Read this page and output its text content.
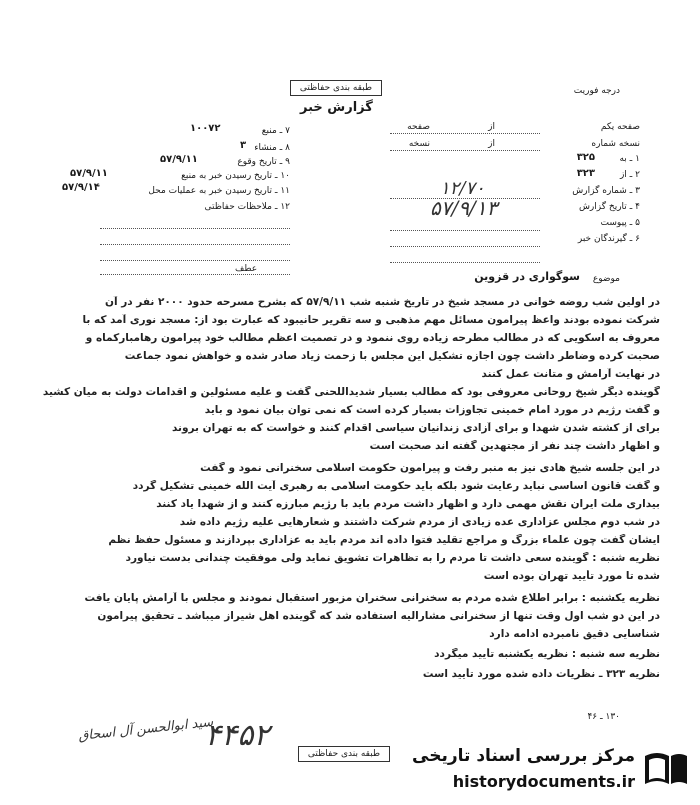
درجه فوریت
طبقه بندی حفاظتی
گزارش خبر
صفحه یکم
از
صفحه
نسخه شماره
از
نسخه
۱ ـ به
۳۲۵
۲ ـ از
۳۲۳
۳ ـ شماره گزارش
۱۲/۷۰
۴ ـ تاریخ گزارش
۵۷/۹/۱۳
۵ ـ پیوست
۶ ـ گیرندگان خبر
۷ ـ منبع
۱۰۰۷۲
۸ ـ منشاء
۳
۹ ـ تاریخ وقوع
۵۷/۹/۱۱
۱۰ ـ تاریخ رسیدن خبر به منبع
۵۷/۹/۱۱
۱۱ ـ تاریخ رسیدن خبر به عملیات محل
۵۷/۹/۱۴
۱۲ ـ ملاحظات حفاظتی
موضوع
سوگواری در قزوین
عطف
در اولین شب روضه خوانی در مسجد شیخ در تاریخ شنبه شب ۵۷/۹/۱۱ که بشرح مسرحه حدود ۲۰۰۰ نفر در آن
شرکت نموده بودند واعظ پیرامون مسائل مهم مذهبی و سه تقریر حانیبود که عبارت بود از: مسجد نوری آمد که با
معروف به اسکویی که در مطالب مطرحه زیاده روی ننمود و در تصمیت اعظم مطالب خود پیرامون رهامبارکماه و
صحبت کرده وضاطر داشت چون اجازه تشکیل این مجلس با زحمت زیاد صادر شده و خواهش نمود جماعت
در نهایت آرامش و متانت عمل کنند
گوینده دیگر شیخ روحانی معروفی بود که مطالب بسیار شدیداللحنی گفت و علیه مسئولین و اقدامات دولت به میان کشید
و گفت رژیم در مورد امام خمینی تجاوزات بسیار کرده است که نمی توان بیان نمود و باید
برای از کشته شدن شهدا و برای آزادی زندانیان سیاسی اقدام کنند و خواست که به تهران بروند
و اظهار داشت چند نفر از مجتهدین گفته اند صحبت است
در این جلسه شیخ هادی نیز به منبر رفت و پیرامون حکومت اسلامی سخنرانی نمود و گفت
و گفت قانون اساسی نباید رعایت شود بلکه باید حکومت اسلامی به رهبری آیت الله خمینی تشکیل گردد
بیداری ملت ایران نقش مهمی دارد و اظهار داشت مردم باید با رژیم مبارزه کنند و از شهدا یاد کنند
در شب دوم مجلس عزاداری عده زیادی از مردم شرکت داشتند و شعارهایی علیه رژیم داده شد
ایشان گفت چون علماء بزرگ و مراجع تقلید فتوا داده اند مردم باید به عزاداری بپردازند و مسئول حفظ نظم
نظریه شنبه : گوینده سعی داشت تا مردم را به تظاهرات تشویق نماید ولی موفقیت چندانی بدست نیاورد
شده تا مورد تأیید تهران بوده است
نظریه یکشنبه : برابر اطلاع شده مردم به سخنرانی سخنران مزبور استقبال نمودند و مجلس با آرامش پایان یافت
در این دو شب اول وقت تنها از سخنرانی مشارالیه استفاده شد که گوینده اهل شیراز میباشد ـ تحقیق پیرامون
شناسایی دقیق نامبرده ادامه دارد
نظریه سه شنبه : نظریه یکشنبه تأیید میگردد
نظریه ۳۲۳ ـ نظریات داده شده مورد تأیید است
۱۳۰ ـ ۴۶
طبقه بندی حفاظتی
۴۴۵۲
سید ابوالحسن آل اسحاق
مرکز بررسی اسناد تاریخی
historydocuments.ir
